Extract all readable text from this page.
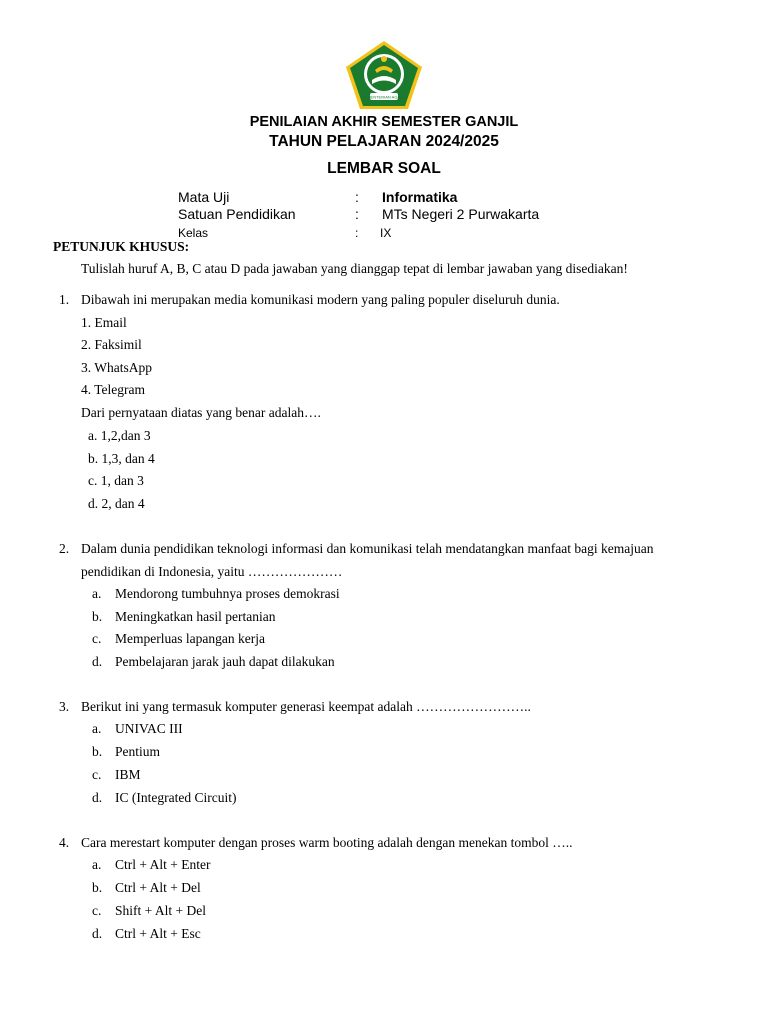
KEMENTERIAN AGAMA
PENILAIAN AKHIR SEMESTER GANJIL
TAHUN PELAJARAN 2024/2025
LEMBAR SOAL
Mata Uji	: Informatika
Satuan Pendidikan	: MTs Negeri 2 Purwakarta
Kelas	: IX
PETUNJUK KHUSUS:
Tulislah huruf A, B, C atau D pada jawaban yang dianggap tepat di lembar jawaban yang disediakan!
1. Dibawah ini merupakan media komunikasi modern yang paling populer diseluruh dunia.
1. Email
2. Faksimil
3. WhatsApp
4. Telegram
Dari pernyataan diatas yang benar adalah….
a. 1,2,dan 3
b. 1,3, dan 4
c. 1, dan 3
d. 2, dan 4
2. Dalam dunia pendidikan teknologi informasi dan komunikasi telah mendatangkan manfaat bagi kemajuan
pendidikan di Indonesia, yaitu …………………
a. Mendorong tumbuhnya proses demokrasi
b. Meningkatkan hasil pertanian
c. Memperluas lapangan kerja
d. Pembelajaran jarak jauh dapat dilakukan
3. Berikut ini yang termasuk komputer generasi keempat adalah ……………………..
a. UNIVAC III
b. Pentium
c. IBM
d. IC (Integrated Circuit)
4. Cara merestart komputer dengan proses warm booting adalah dengan menekan tombol …..
a. Ctrl + Alt + Enter
b. Ctrl + Alt + Del
c. Shift + Alt + Del
d. Ctrl + Alt + Esc
